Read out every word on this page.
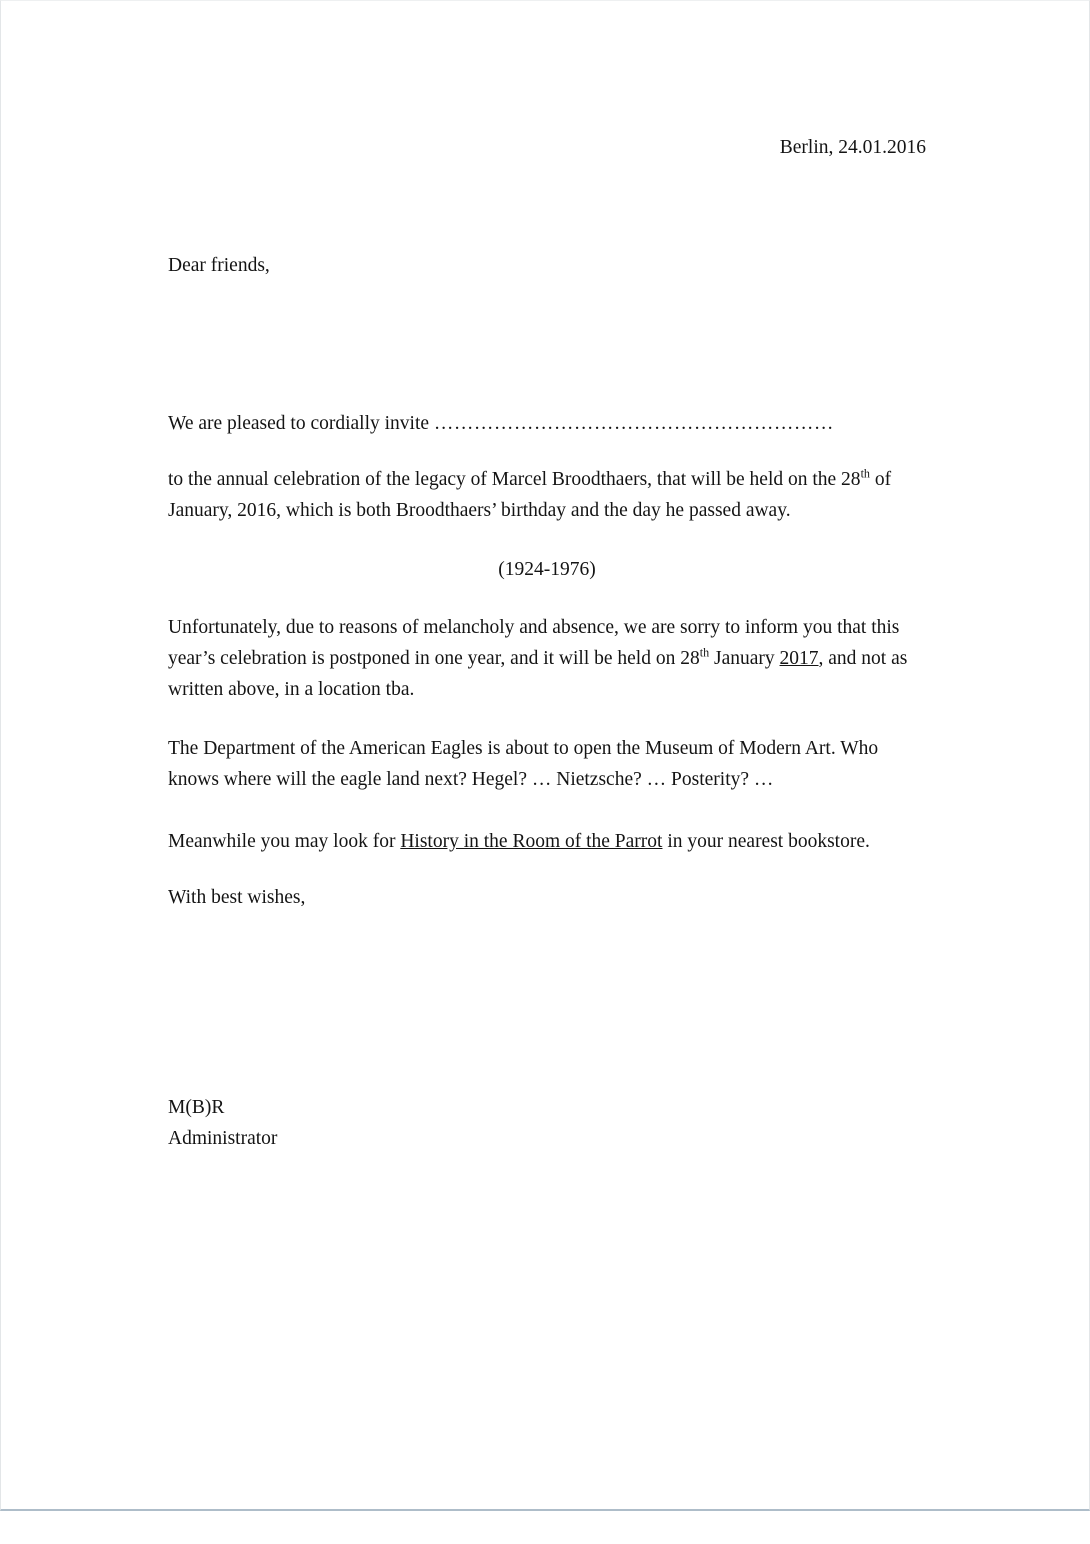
Berlin, 24.01.2016

Dear friends,

We are pleased to cordially invite ……………………………………………………

to the annual celebration of the legacy of Marcel Broodthaers, that will be held on the 28th of January, 2016, which is both Broodthaers’ birthday and the day he passed away.

(1924-1976)

Unfortunately, due to reasons of melancholy and absence, we are sorry to inform you that this year’s celebration is postponed in one year, and it will be held on 28th January 2017, and not as written above, in a location tba.

The Department of the American Eagles is about to open the Museum of Modern Art. Who knows where will the eagle land next? Hegel? … Nietzsche? … Posterity? …

Meanwhile you may look for History in the Room of the Parrot in your nearest bookstore.

With best wishes,

M(B)R

Administrator
